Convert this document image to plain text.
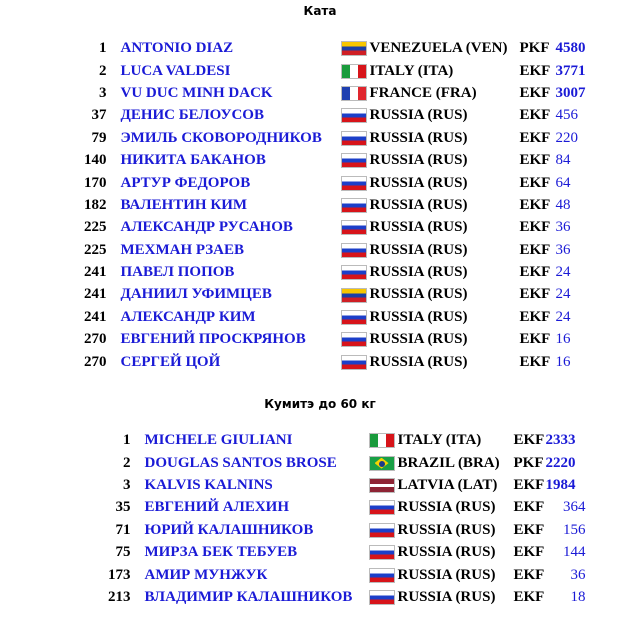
Ката
1	ANTONIO DIAZ		VENEZUELA (VEN)	PKF	4580
2	LUCA VALDESI		ITALY (ITA)	EKF	3771
3	VU DUC MINH DACK		FRANCE (FRA)	EKF	3007
37	ДЕНИС БЕЛОУСОВ		RUSSIA (RUS)	EKF	456
79	ЭМИЛЬ СКОВОРОДНИКОВ		RUSSIA (RUS)	EKF	220
140	НИКИТА БАКАНОВ		RUSSIA (RUS)	EKF	84
170	АРТУР ФЕДОРОВ		RUSSIA (RUS)	EKF	64
182	ВАЛЕНТИН КИМ		RUSSIA (RUS)	EKF	48
225	АЛЕКСАНДР РУСАНОВ		RUSSIA (RUS)	EKF	36
225	МЕХМАН РЗАЕВ		RUSSIA (RUS)	EKF	36
241	ПАВЕЛ ПОПОВ		RUSSIA (RUS)	EKF	24
241	ДАНИИЛ УФИМЦЕВ		RUSSIA (RUS)	EKF	24
241	АЛЕКСАНДР КИМ		RUSSIA (RUS)	EKF	24
270	ЕВГЕНИЙ ПРОСКРЯНОВ		RUSSIA (RUS)	EKF	16
270	СЕРГЕЙ ЦОЙ		RUSSIA (RUS)	EKF	16
Кумитэ до 60 кг
1	MICHELE GIULIANI		ITALY (ITA)	EKF	2333
2	DOUGLAS SANTOS BROSE		BRAZIL (BRA)	PKF	2220
3	KALVIS KALNINS		LATVIA (LAT)	EKF	1984
35	ЕВГЕНИЙ АЛЕХИН		RUSSIA (RUS)	EKF	364
71	ЮРИЙ КАЛАШНИКОВ		RUSSIA (RUS)	EKF	156
75	МИРЗА БЕК ТЕБУЕВ		RUSSIA (RUS)	EKF	144
173	АМИР МУНЖУК		RUSSIA (RUS)	EKF	36
213	ВЛАДИМИР КАЛАШНИКОВ		RUSSIA (RUS)	EKF	18
